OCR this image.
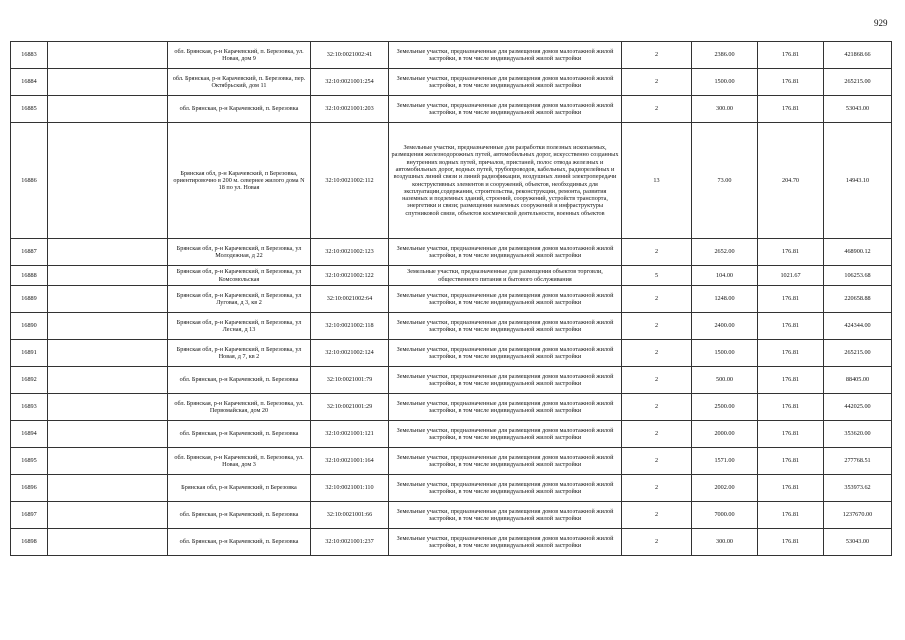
929
16883		обл. Брянская, р-н Карачевский, п. Березовка, ул. Новая, дом 9	32:10:0021002:41	Земельные участки, предназначенные для размещения домов малоэтажной жилой застройки, в том числе индивидуальной жилой застройки	2	2386.00	176.81	421868.66
16884		обл. Брянская, р-н Карачевский, п. Березовка, пер. Октябрьский, дом 11	32:10:0021001:254	Земельные участки, предназначенные для размещения домов малоэтажной жилой застройки, в том числе индивидуальной жилой застройки	2	1500.00	176.81	265215.00
16885		обл. Брянская, р-н Карачевский, п. Березовка	32:10:0021001:203	Земельные участки, предназначенные для размещения домов малоэтажной жилой застройки, в том числе индивидуальной жилой застройки	2	300.00	176.81	53043.00
16886		Брянская обл, р-н Карачевский, п Березовка, ориентировочно в 200 м. севернее жилого дома N 18 по ул. Новая	32:10:0021002:112	Земельные участки, предназначенные для разработки полезных ископаемых, размещения железнодорожных путей, автомобильных дорог, искусственно созданных внутренних водных путей, причалов, пристаней, полос отвода железных и автомобильных дорог, водных путей, трубопроводов, кабельных, радиорелейных и воздушных линий связи и линий радиофикации, воздушных линий электропередачи конструктивных элементов и сооружений, объектов, необходимых для эксплуатации,содержания, строительства, реконструкции, ремонта, развития наземных и подземных зданий, строений, сооружений, устройств транспорта, энергетики и связи; размещения наземных сооружений и инфраструктуры спутниковой связи, объектов космической деятельности, военных объектов	13	73.00	204.70	14943.10
16887		Брянская обл, р-н Карачевский, п Березовка, ул Молодежная, д 22	32:10:0021002:123	Земельные участки, предназначенные для размещения домов малоэтажной жилой застройки, в том числе индивидуальной жилой застройки	2	2652.00	176.81	468900.12
16888		Брянская обл, р-н Карачевский, п Березовка, ул Комсомольская	32:10:0021002:122	Земельные участки, предназначенные для размещения объектов торговли, общественного питания и бытового обслуживания	5	104.00	1021.67	106253.68
16889		Брянская обл, р-н Карачевский, п Березовка, ул Луговая, д 3, кв 2	32:10:0021002:64	Земельные участки, предназначенные для размещения домов малоэтажной жилой застройки, в том числе индивидуальной жилой застройки	2	1248.00	176.81	220658.88
16890		Брянская обл, р-н Карачевский, п Березовка, ул Лесная, д 13	32:10:0021002:118	Земельные участки, предназначенные для размещения домов малоэтажной жилой застройки, в том числе индивидуальной жилой застройки	2	2400.00	176.81	424344.00
16891		Брянская обл, р-н Карачевский, п Березовка, ул Новая, д 7, кв 2	32:10:0021002:124	Земельные участки, предназначенные для размещения домов малоэтажной жилой застройки, в том числе индивидуальной жилой застройки	2	1500.00	176.81	265215.00
16892		обл. Брянская, р-н Карачевский, п. Березовка	32:10:0021001:79	Земельные участки, предназначенные для размещения домов малоэтажной жилой застройки, в том числе индивидуальной жилой застройки	2	500.00	176.81	88405.00
16893		обл. Брянская, р-н Карачевский, п. Березовка, ул. Первомайская, дом 20	32:10:0021001:29	Земельные участки, предназначенные для размещения домов малоэтажной жилой застройки, в том числе индивидуальной жилой застройки	2	2500.00	176.81	442025.00
16894		обл. Брянская, р-н Карачевский, п. Березовка	32:10:0021001:121	Земельные участки, предназначенные для размещения домов малоэтажной жилой застройки, в том числе индивидуальной жилой застройки	2	2000.00	176.81	353620.00
16895		обл. Брянская, р-н Карачевский, п. Березовка, ул. Новая, дом 3	32:10:0021001:164	Земельные участки, предназначенные для размещения домов малоэтажной жилой застройки, в том числе индивидуальной жилой застройки	2	1571.00	176.81	277768.51
16896		Брянская обл, р-н Карачевский, п Березовка	32:10:0021001:110	Земельные участки, предназначенные для размещения домов малоэтажной жилой застройки, в том числе индивидуальной жилой застройки	2	2002.00	176.81	353973.62
16897		обл. Брянская, р-н Карачевский, п. Березовка	32:10:0021001:66	Земельные участки, предназначенные для размещения домов малоэтажной жилой застройки, в том числе индивидуальной жилой застройки	2	7000.00	176.81	1237670.00
16898		обл. Брянская, р-н Карачевский, п. Березовка	32:10:0021001:237	Земельные участки, предназначенные для размещения домов малоэтажной жилой застройки, в том числе индивидуальной жилой застройки	2	300.00	176.81	53043.00
